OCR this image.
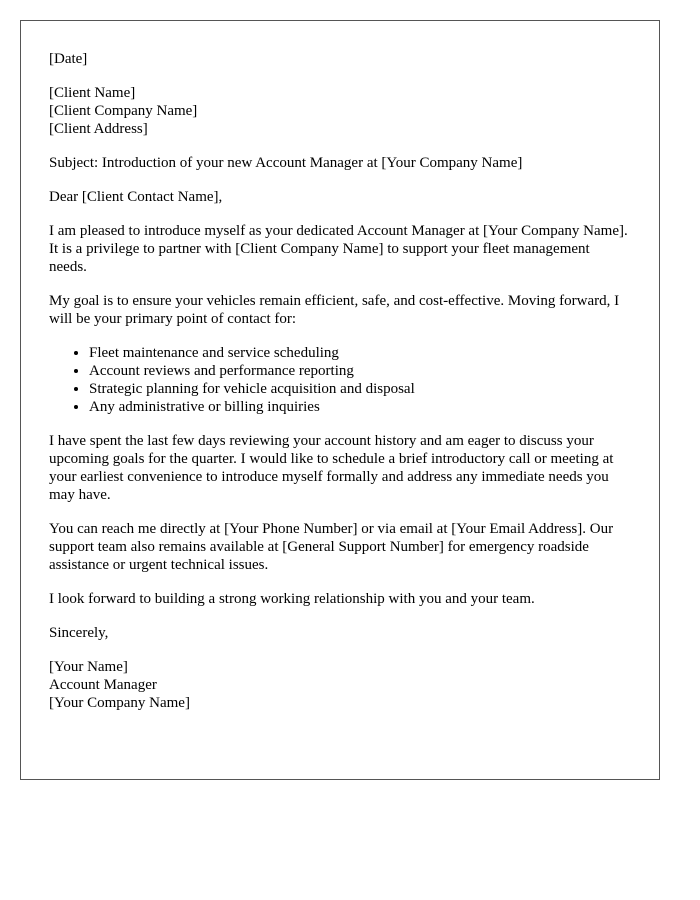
[Date]

[Client Name]
[Client Company Name]
[Client Address]

Subject: Introduction of your new Account Manager at [Your Company Name]

Dear [Client Contact Name],

I am pleased to introduce myself as your dedicated Account Manager at [Your Company Name]. It is a privilege to partner with [Client Company Name] to support your fleet management needs.

My goal is to ensure your vehicles remain efficient, safe, and cost-effective. Moving forward, I will be your primary point of contact for:

• Fleet maintenance and service scheduling
• Account reviews and performance reporting
• Strategic planning for vehicle acquisition and disposal
• Any administrative or billing inquiries

I have spent the last few days reviewing your account history and am eager to discuss your upcoming goals for the quarter. I would like to schedule a brief introductory call or meeting at your earliest convenience to introduce myself formally and address any immediate needs you may have.

You can reach me directly at [Your Phone Number] or via email at [Your Email Address]. Our support team also remains available at [General Support Number] for emergency roadside assistance or urgent technical issues.

I look forward to building a strong working relationship with you and your team.

Sincerely,

[Your Name]
Account Manager
[Your Company Name]
